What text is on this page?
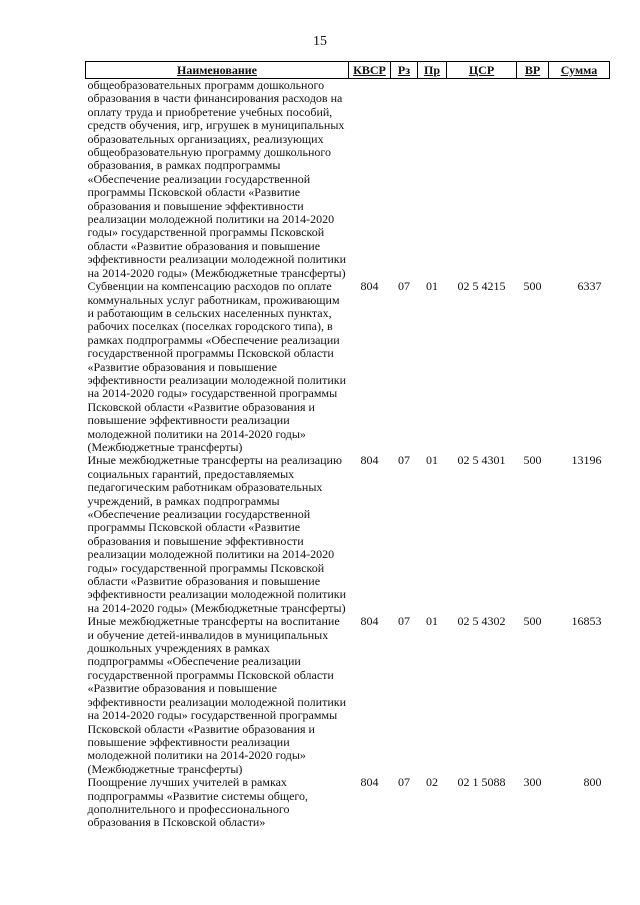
15
Наименование	КВСР	Рз	Пр	ЦСР	ВР	Сумма
общеобразовательных программ дошкольного образования в части финансирования расходов на оплату труда и приобретение учебных пособий, средств обучения, игр, игрушек в муниципальных образовательных организациях, реализующих общеобразовательную программу дошкольного образования, в рамках подпрограммы «Обеспечение реализации государственной программы Псковской области «Развитие образования и повышение эффективности реализации молодежной политики на 2014-2020 годы» государственной программы Псковской области «Развитие образования и повышение эффективности реализации молодежной политики на 2014-2020 годы» (Межбюджетные трансферты)						
Субвенции на компенсацию расходов по оплате коммунальных услуг работникам, проживающим и работающим в сельских населенных пунктах, рабочих поселках (поселках городского типа), в рамках подпрограммы «Обеспечение реализации государственной программы Псковской области «Развитие образования и повышение эффективности реализации молодежной политики на 2014-2020 годы» государственной программы Псковской области «Развитие образования и повышение эффективности реализации молодежной политики на 2014-2020 годы» (Межбюджетные трансферты)	804	07	01	02 5 4215	500	6337
Иные межбюджетные трансферты на реализацию социальных гарантий, предоставляемых педагогическим работникам образовательных учреждений, в рамках подпрограммы «Обеспечение реализации государственной программы Псковской области «Развитие образования и повышение эффективности реализации молодежной политики на 2014-2020 годы» государственной программы Псковской области «Развитие образования и повышение эффективности реализации молодежной политики на 2014-2020 годы» (Межбюджетные трансферты)	804	07	01	02 5 4301	500	13196
Иные межбюджетные трансферты на воспитание и обучение детей-инвалидов в муниципальных дошкольных учреждениях в рамках подпрограммы «Обеспечение реализации государственной программы Псковской области «Развитие образования и повышение эффективности реализации молодежной политики на 2014-2020 годы» государственной программы Псковской области «Развитие образования и повышение эффективности реализации молодежной политики на 2014-2020 годы» (Межбюджетные трансферты)	804	07	01	02 5 4302	500	16853
Поощрение лучших учителей в рамках подпрограммы «Развитие системы общего, дополнительного и профессионального образования в Псковской области»	804	07	02	02 1 5088	300	800
